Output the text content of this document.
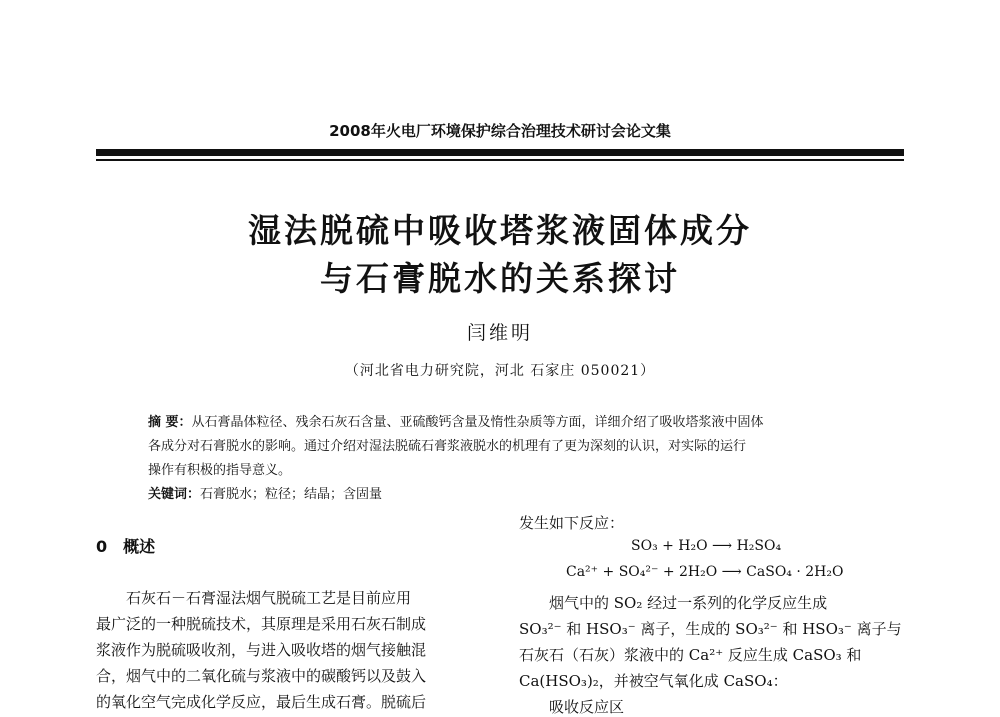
2008年火电厂环境保护综合治理技术研讨会论文集
湿法脱硫中吸收塔浆液固体成分
与石膏脱水的关系探讨
闫维明
（河北省电力研究院，河北 石家庄 050021）
摘 要：从石膏晶体粒径、残余石灰石含量、亚硫酸钙含量及惰性杂质等方面，详细介绍了吸收塔浆液中固体
各成分对石膏脱水的影响。通过介绍对湿法脱硫石膏浆液脱水的机理有了更为深刻的认识，对实际的运行
操作有积极的指导意义。
关键词：石膏脱水；粒径；结晶；含固量
0 概述
石灰石－石膏湿法烟气脱硫工艺是目前应用
最广泛的一种脱硫技术，其原理是采用石灰石制成
浆液作为脱硫吸收剂，与进入吸收塔的烟气接触混
合，烟气中的二氧化硫与浆液中的碳酸钙以及鼓入
的氧化空气完成化学反应，最后生成石膏。脱硫后
发生如下反应：
SO₃ + H₂O ⟶ H₂SO₄
Ca²⁺ + SO₄²⁻ + 2H₂O ⟶ CaSO₄ · 2H₂O
烟气中的 SO₂ 经过一系列的化学反应生成
SO₃²⁻ 和 HSO₃⁻ 离子，生成的 SO₃²⁻ 和 HSO₃⁻ 离子与
石灰石（石灰）浆液中的 Ca²⁺ 反应生成 CaSO₃ 和
Ca(HSO₃)₂，并被空气氧化成 CaSO₄：
吸收反应区
